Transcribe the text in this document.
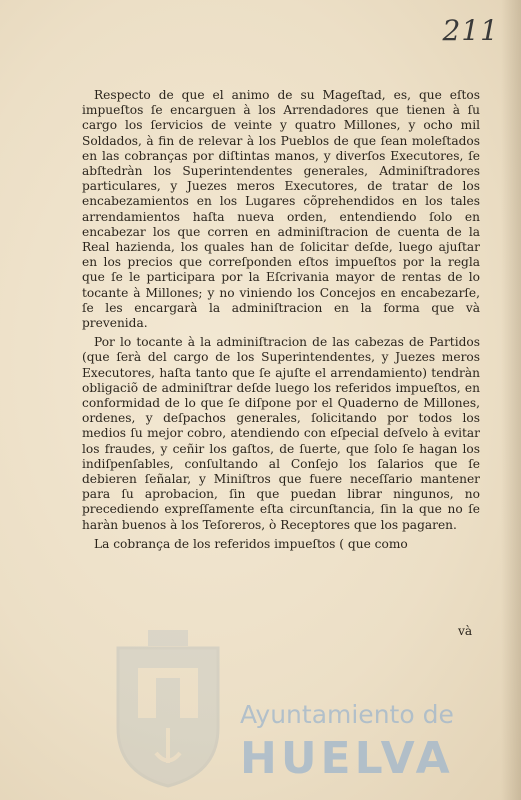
211

Respecto de que el animo de su Mageſtad, es, que eſtos impueſtos ſe encarguen à los Arrendadores que tienen à ſu cargo los ſervicios de veinte y quatro Millones, y ocho mil Soldados, à fin de relevar à los Pueblos de que ſean moleſtados en las cobranças por diſtintas manos, y diverſos Executores, ſe abſtedràn los Superintendentes generales, Adminiſtradores particulares, y Juezes meros Executores, de tratar de los encabezamientos en los Lugares cõprehendidos en los tales arrendamientos haſta nueva orden, entendiendo ſolo en encabezar los que corren en adminiſtracion de cuenta de la Real hazienda, los quales han de ſolicitar deſde, luego ajuſtar en los precios que correſponden eſtos impueſtos por la regla que ſe le participara por la Eſcrivania mayor de rentas de lo tocante à Millones; y no viniendo los Concejos en encabezarſe, ſe les encargarà la adminiſtracion en la forma que và prevenida.

Por lo tocante à la adminiſtracion de las cabezas de Partidos (que ſerà del cargo de los Superintendentes, y Juezes meros Executores, haſta tanto que ſe ajuſte el arrendamiento) tendràn obligaciõ de adminiſtrar deſde luego los referidos impueſtos, en conformidad de lo que ſe diſpone por el Quaderno de Millones, ordenes, y deſpachos generales, ſolicitando por todos los medios ſu mejor cobro, atendiendo con eſpecial deſvelo à evitar los fraudes, y ceñir los gaſtos, de ſuerte, que ſolo ſe hagan los indiſpenſables, conſultando al Conſejo los ſalarios que ſe debieren ſeñalar, y Miniſtros que fuere neceſſario mantener para ſu aprobacion, ſin que puedan librar ningunos, no precediendo expreſſamente eſta circunſtancia, ſin la que no ſe haràn buenos à los Teſoreros, ò Receptores que los pagaren.

La cobrança de los referidos impueſtos ( que como

và
Ayuntamiento de
HUELVA
